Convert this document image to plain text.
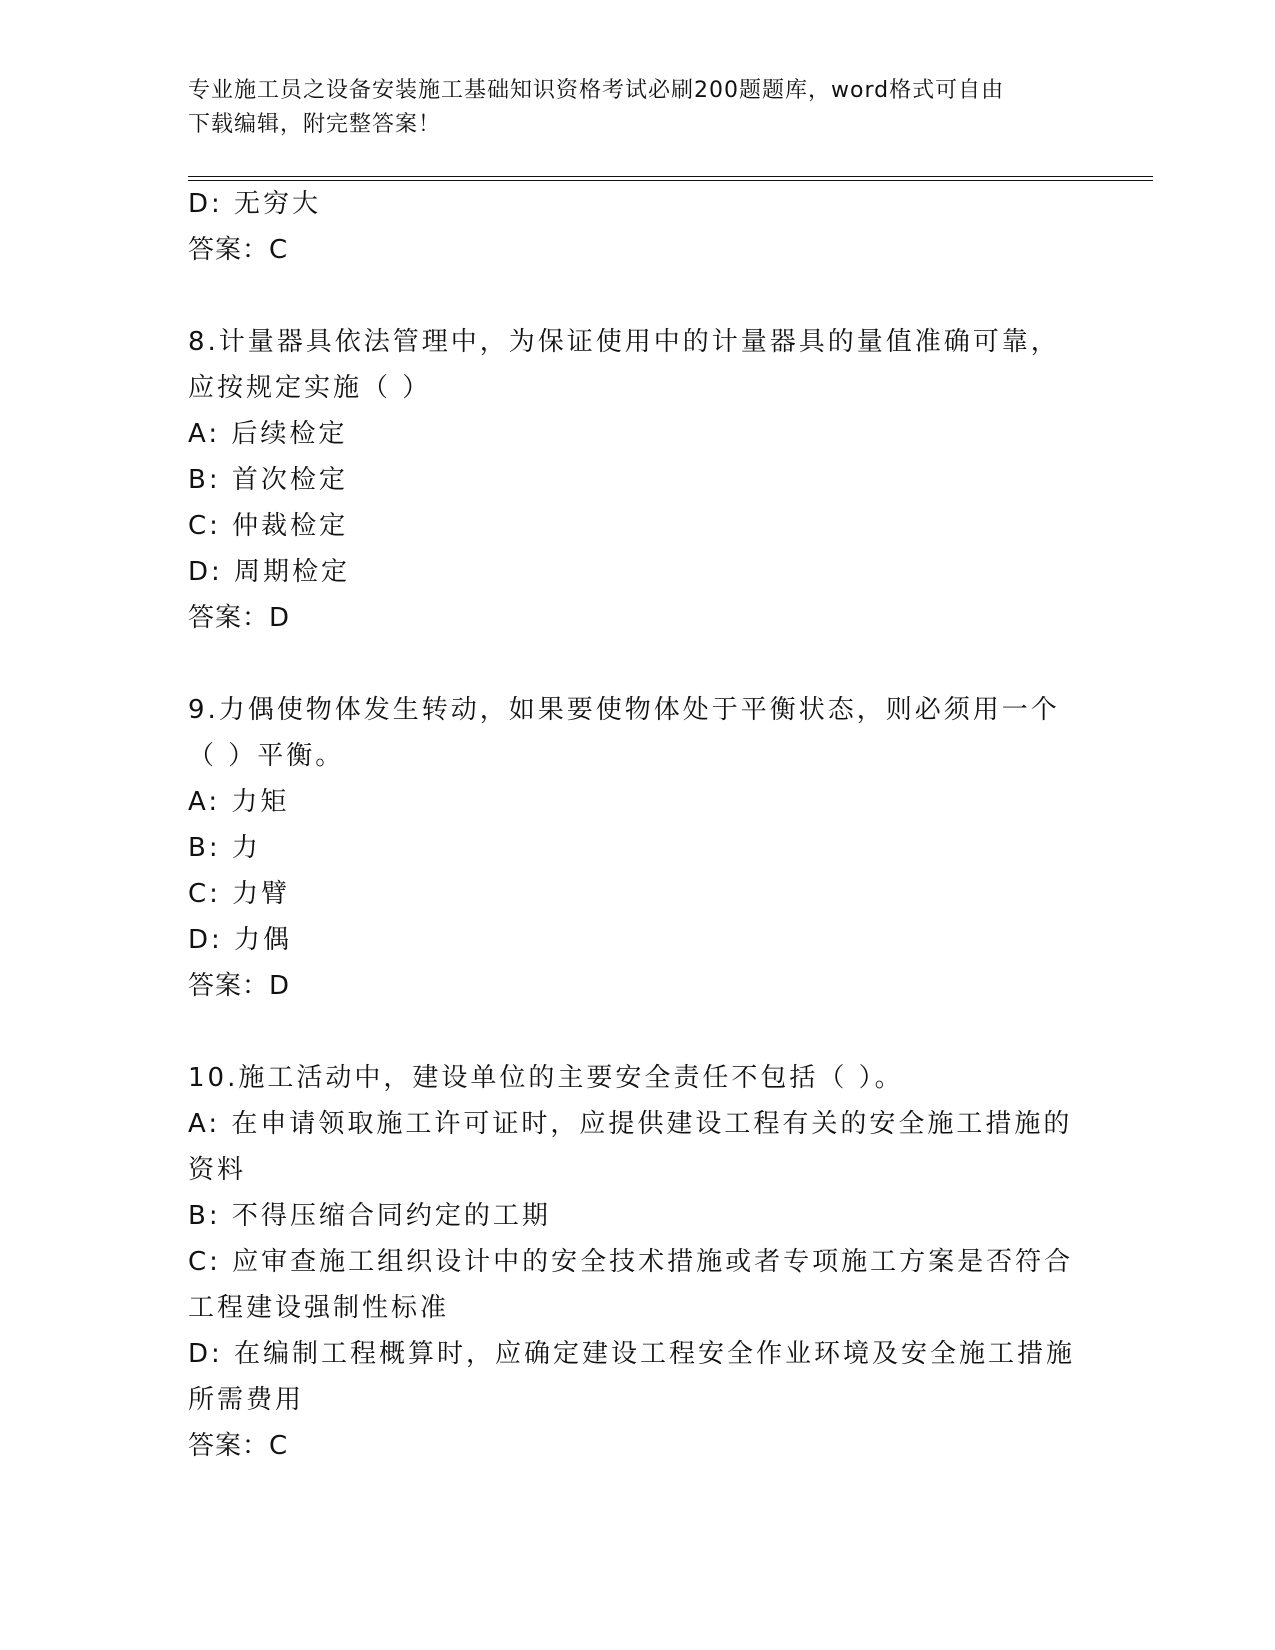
专业施工员之设备安装施工基础知识资格考试必刷200题题库，word格式可自由
下载编辑，附完整答案！
D: 无穷大
答案：C
8.计量器具依法管理中，为保证使用中的计量器具的量值准确可靠，
应按规定实施（ ）
A: 后续检定
B: 首次检定
C: 仲裁检定
D: 周期检定
答案：D
9.力偶使物体发生转动，如果要使物体处于平衡状态，则必须用一个
（ ）平衡。
A: 力矩
B: 力
C: 力臂
D: 力偶
答案：D
10.施工活动中，建设单位的主要安全责任不包括（ ）。
A: 在申请领取施工许可证时，应提供建设工程有关的安全施工措施的
资料
B: 不得压缩合同约定的工期
C: 应审查施工组织设计中的安全技术措施或者专项施工方案是否符合
工程建设强制性标准
D: 在编制工程概算时，应确定建设工程安全作业环境及安全施工措施
所需费用
答案：C
